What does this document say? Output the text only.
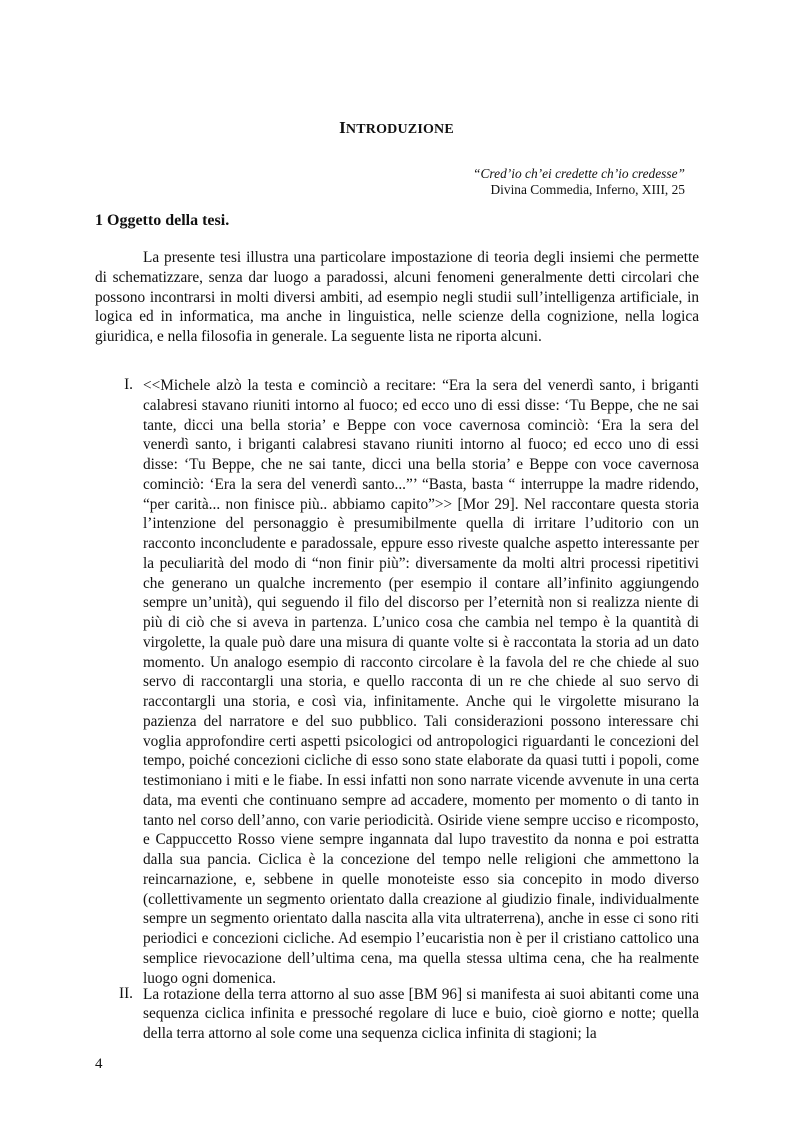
INTRODUZIONE
“Cred’io ch’ei credette ch’io credesse”
Divina Commedia, Inferno, XIII, 25
1 Oggetto della tesi.
La presente tesi illustra una particolare impostazione di teoria degli insiemi che permette di schematizzare, senza dar luogo a paradossi, alcuni fenomeni generalmente detti circolari che possono incontrarsi in molti diversi ambiti, ad esempio negli studii sull’intelligenza artificiale, in logica ed in informatica, ma anche in linguistica, nelle scienze della cognizione, nella logica giuridica, e nella filosofia in generale. La seguente lista ne riporta alcuni.
I. <<Michele alzò la testa e cominciò a recitare: “Era la sera del venerdì santo, i briganti calabresi stavano riuniti intorno al fuoco; ed ecco uno di essi disse: ‘Tu Beppe, che ne sai tante, dicci una bella storia’ e Beppe con voce cavernosa cominciò: ‘Era la sera del venerdì santo, i briganti calabresi stavano riuniti intorno al fuoco; ed ecco uno di essi disse: ‘Tu Beppe, che ne sai tante, dicci una bella storia’ e Beppe con voce cavernosa cominciò: ‘Era la sera del venerdì santo...”’ “Basta, basta “ interruppe la madre ridendo, “per carità... non finisce più.. abbiamo capito”>> [Mor 29]. Nel raccontare questa storia l’intenzione del personaggio è presumibilmente quella di irritare l’uditorio con un racconto inconcludente e paradossale, eppure esso riveste qualche aspetto interessante per la peculiarità del modo di “non finir più”: diversamente da molti altri processi ripetitivi che generano un qualche incremento (per esempio il contare all’infinito aggiungendo sempre un’unità), qui seguendo il filo del discorso per l’eternità non si realizza niente di più di ciò che si aveva in partenza. L’unico cosa che cambia nel tempo è la quantità di virgolette, la quale può dare una misura di quante volte si è raccontata la storia ad un dato momento. Un analogo esempio di racconto circolare è la favola del re che chiede al suo servo di raccontargli una storia, e quello racconta di un re che chiede al suo servo di raccontargli una storia, e così via, infinitamente. Anche qui le virgolette misurano la pazienza del narratore e del suo pubblico. Tali considerazioni possono interessare chi voglia approfondire certi aspetti psicologici od antropologici riguardanti le concezioni del tempo, poiché concezioni cicliche di esso sono state elaborate da quasi tutti i popoli, come testimoniano i miti e le fiabe. In essi infatti non sono narrate vicende avvenute in una certa data, ma eventi che continuano sempre ad accadere, momento per momento o di tanto in tanto nel corso dell’anno, con varie periodicità. Osiride viene sempre ucciso e ricomposto, e Cappuccetto Rosso viene sempre ingannata dal lupo travestito da nonna e poi estratta dalla sua pancia. Ciclica è la concezione del tempo nelle religioni che ammettono la reincarnazione, e, sebbene in quelle monoteiste esso sia concepito in modo diverso (collettivamente un segmento orientato dalla creazione al giudizio finale, individualmente sempre un segmento orientato dalla nascita alla vita ultraterrena), anche in esse ci sono riti periodici e concezioni cicliche. Ad esempio l’eucaristia non è per il cristiano cattolico una semplice rievocazione dell’ultima cena, ma quella stessa ultima cena, che ha realmente luogo ogni domenica.
II. La rotazione della terra attorno al suo asse [BM 96] si manifesta ai suoi abitanti come una sequenza ciclica infinita e pressoché regolare di luce e buio, cioè giorno e notte; quella della terra attorno al sole come una sequenza ciclica infinita di stagioni; la
4
